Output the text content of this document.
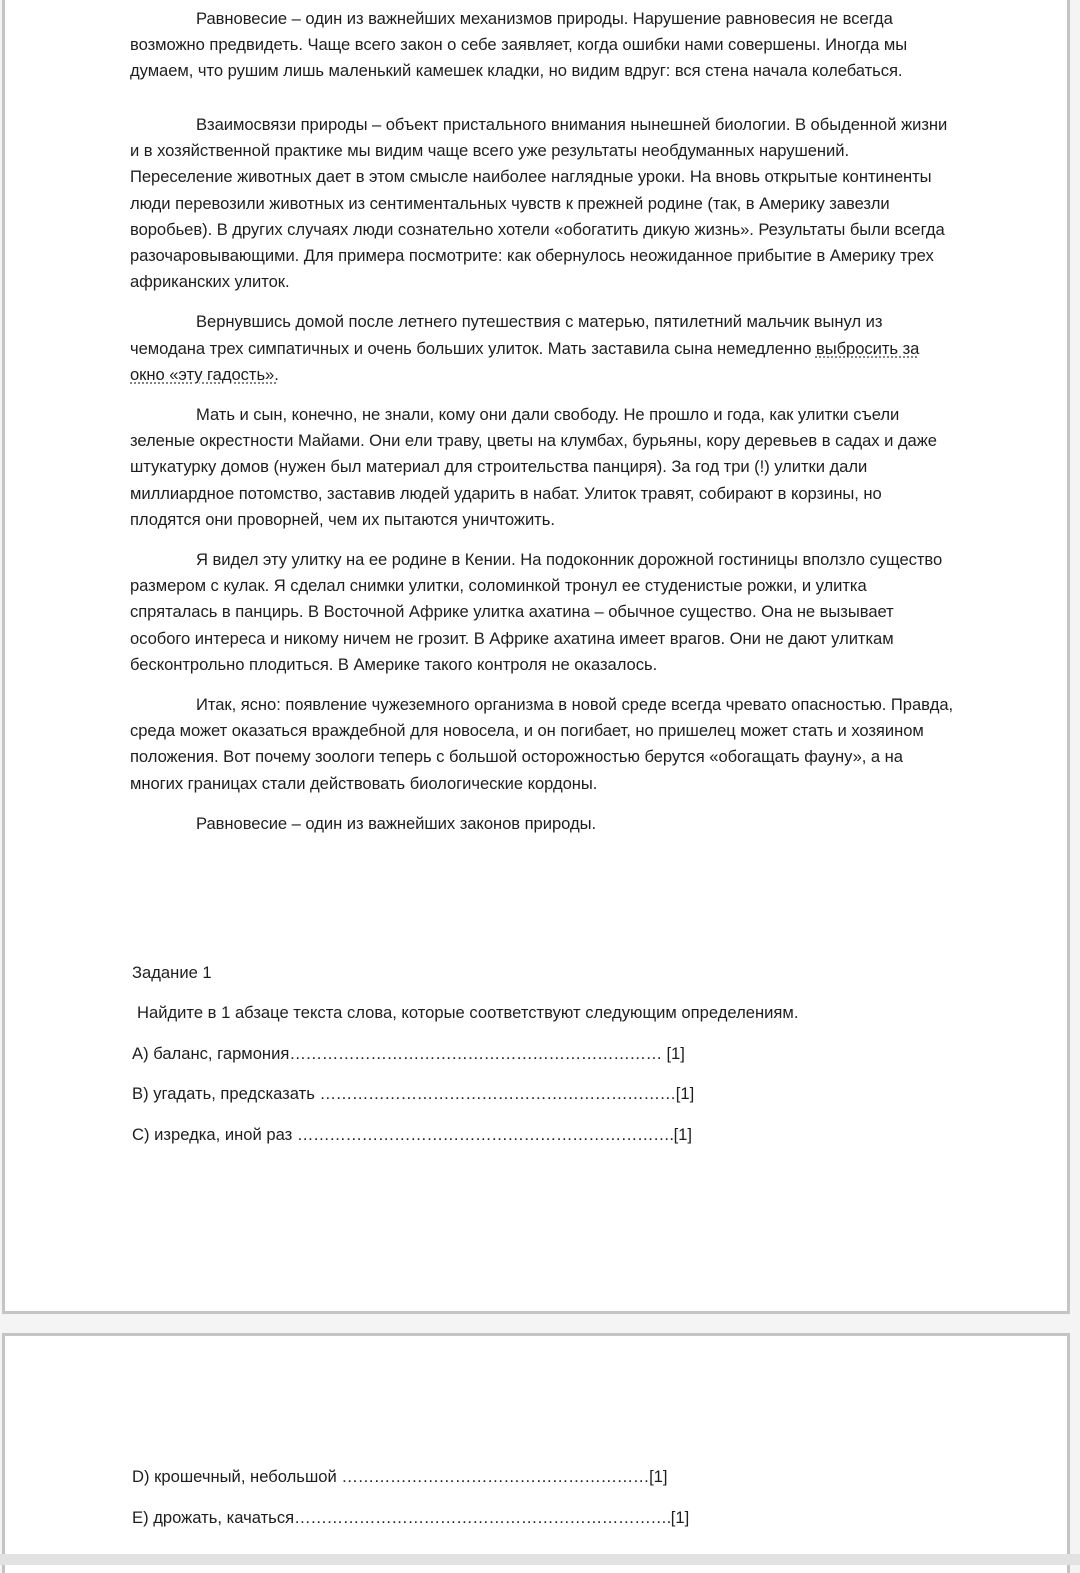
Равновесие – один из важнейших механизмов природы. Нарушение равновесия не всегда возможно предвидеть. Чаще всего закон о себе заявляет, когда ошибки нами совершены. Иногда мы думаем, что рушим лишь маленький камешек кладки, но видим вдруг: вся стена начала колебаться.

Взаимосвязи природы – объект пристального внимания нынешней биологии. В обыденной жизни и в хозяйственной практике мы видим чаще всего уже результаты необдуманных нарушений. Переселение животных дает в этом смысле наиболее наглядные уроки. На вновь открытые континенты люди перевозили животных из сентиментальных чувств к прежней родине (так, в Америку завезли воробьев). В других случаях люди сознательно хотели «обогатить дикую жизнь». Результаты были всегда разочаровывающими. Для примера посмотрите: как обернулось неожиданное прибытие в Америку трех африканских улиток.

Вернувшись домой после летнего путешествия с матерью, пятилетний мальчик вынул из чемодана трех симпатичных и очень больших улиток. Мать заставила сына немедленно выбросить за окно «эту гадость».

Мать и сын, конечно, не знали, кому они дали свободу. Не прошло и года, как улитки съели зеленые окрестности Майами. Они ели траву, цветы на клумбах, бурьяны, кору деревьев в садах и даже штукатурку домов (нужен был материал для строительства панциря). За год три (!) улитки дали миллиардное потомство, заставив людей ударить в набат. Улиток травят, собирают в корзины, но плодятся они проворней, чем их пытаются уничтожить.

Я видел эту улитку на ее родине в Кении. На подоконник дорожной гостиницы вползло существо размером с кулак. Я сделал снимки улитки, соломинкой тронул ее студенистые рожки, и улитка спряталась в панцирь. В Восточной Африке улитка ахатина – обычное существо. Она не вызывает особого интереса и никому ничем не грозит. В Африке ахатина имеет врагов. Они не дают улиткам бесконтрольно плодиться. В Америке такого контроля не оказалось.

Итак, ясно: появление чужеземного организма в новой среде всегда чревато опасностью. Правда, среда может оказаться враждебной для новосела, и он погибает, но пришелец может стать и хозяином положения. Вот почему зоологи теперь с большой осторожностью берутся «обогащать фауну», а на многих границах стали действовать биологические кордоны.

Равновесие – один из важнейших законов природы.

Задание 1
Найдите в 1 абзаце текста слова, которые соответствуют следующим определениям.
A) баланс, гармония…………………………………………………………… [1]
B) угадать, предсказать …………………………………………………………[1]
C) изредка, иной раз …………………………………………………………….[1]
D) крошечный, небольшой …………………………………………………[1]
E) дрожать, качаться…………………………………………………………….[1]
